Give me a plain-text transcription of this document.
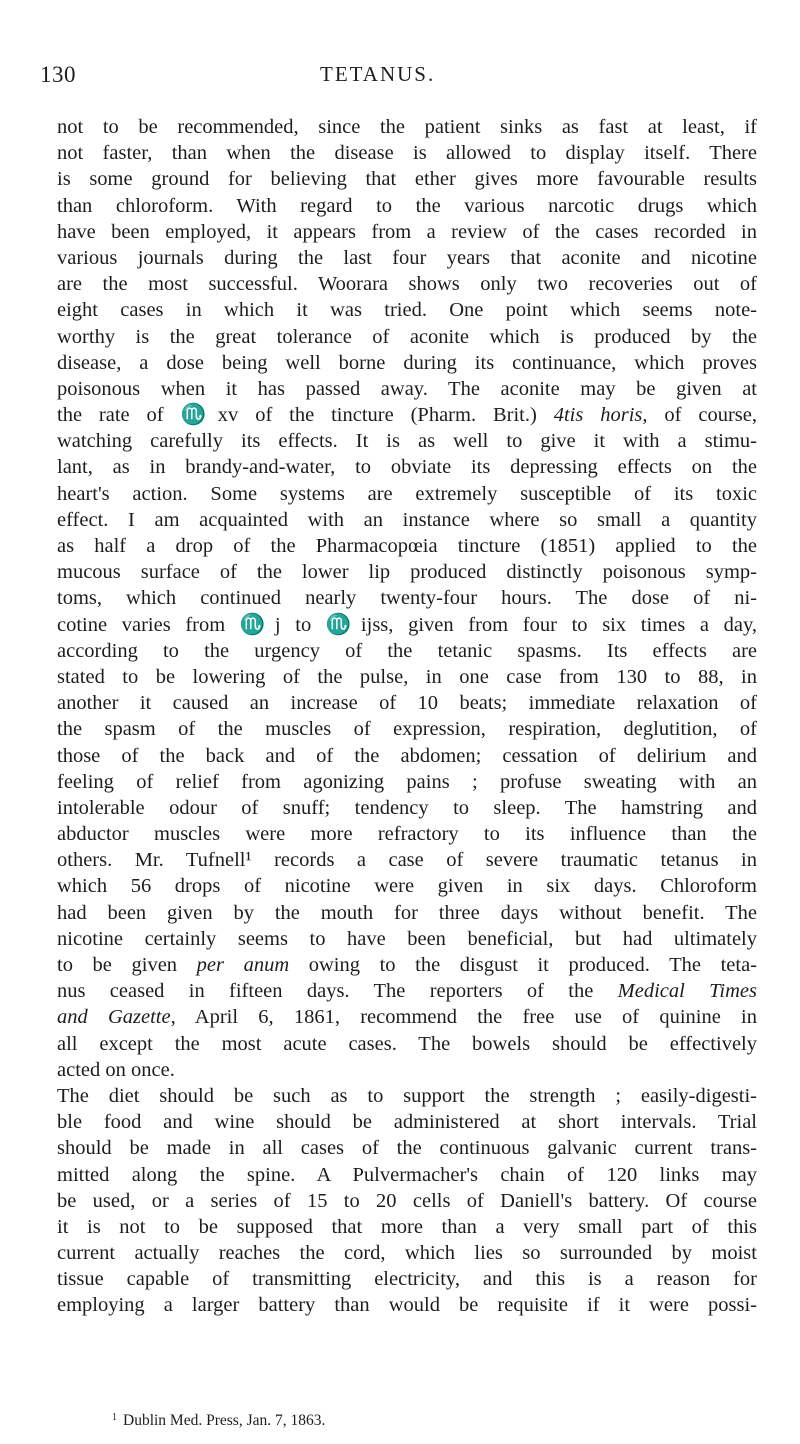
130	TETANUS.
not to be recommended, since the patient sinks as fast at least, if
not faster, than when the disease is allowed to display itself. There
is some ground for believing that ether gives more favourable results
than chloroform. With regard to the various narcotic drugs which
have been employed, it appears from a review of the cases recorded in
various journals during the last four years that aconite and nicotine
are the most successful. Woorara shows only two recoveries out of
eight cases in which it was tried. One point which seems note-
worthy is the great tolerance of aconite which is produced by the
disease, a dose being well borne during its continuance, which proves
poisonous when it has passed away. The aconite may be given at
the rate of ♏xv of the tincture (Pharm. Brit.) 4tis horis, of course,
watching carefully its effects. It is as well to give it with a stimu-
lant, as in brandy-and-water, to obviate its depressing effects on the
heart's action. Some systems are extremely susceptible of its toxic
effect. I am acquainted with an instance where so small a quantity
as half a drop of the Pharmacopœia tincture (1851) applied to the
mucous surface of the lower lip produced distinctly poisonous symp-
toms, which continued nearly twenty-four hours. The dose of ni-
cotine varies from ♏j to ♏ijss, given from four to six times a day,
according to the urgency of the tetanic spasms. Its effects are
stated to be lowering of the pulse, in one case from 130 to 88, in
another it caused an increase of 10 beats; immediate relaxation of
the spasm of the muscles of expression, respiration, deglutition, of
those of the back and of the abdomen; cessation of delirium and
feeling of relief from agonizing pains ; profuse sweating with an
intolerable odour of snuff; tendency to sleep. The hamstring and
abductor muscles were more refractory to its influence than the
others. Mr. Tufnell¹ records a case of severe traumatic tetanus in
which 56 drops of nicotine were given in six days. Chloroform
had been given by the mouth for three days without benefit. The
nicotine certainly seems to have been beneficial, but had ultimately
to be given per anum owing to the disgust it produced. The teta-
nus ceased in fifteen days. The reporters of the Medical Times
and Gazette, April 6, 1861, recommend the free use of quinine in
all except the most acute cases. The bowels should be effectively
acted on once.
The diet should be such as to support the strength ; easily-digesti-
ble food and wine should be administered at short intervals. Trial
should be made in all cases of the continuous galvanic current trans-
mitted along the spine. A Pulvermacher's chain of 120 links may
be used, or a series of 15 to 20 cells of Daniell's battery. Of course
it is not to be supposed that more than a very small part of this
current actually reaches the cord, which lies so surrounded by moist
tissue capable of transmitting electricity, and this is a reason for
employing a larger battery than would be requisite if it were possi-
$^1$ Dublin Med. Press, Jan. 7, 1863.
